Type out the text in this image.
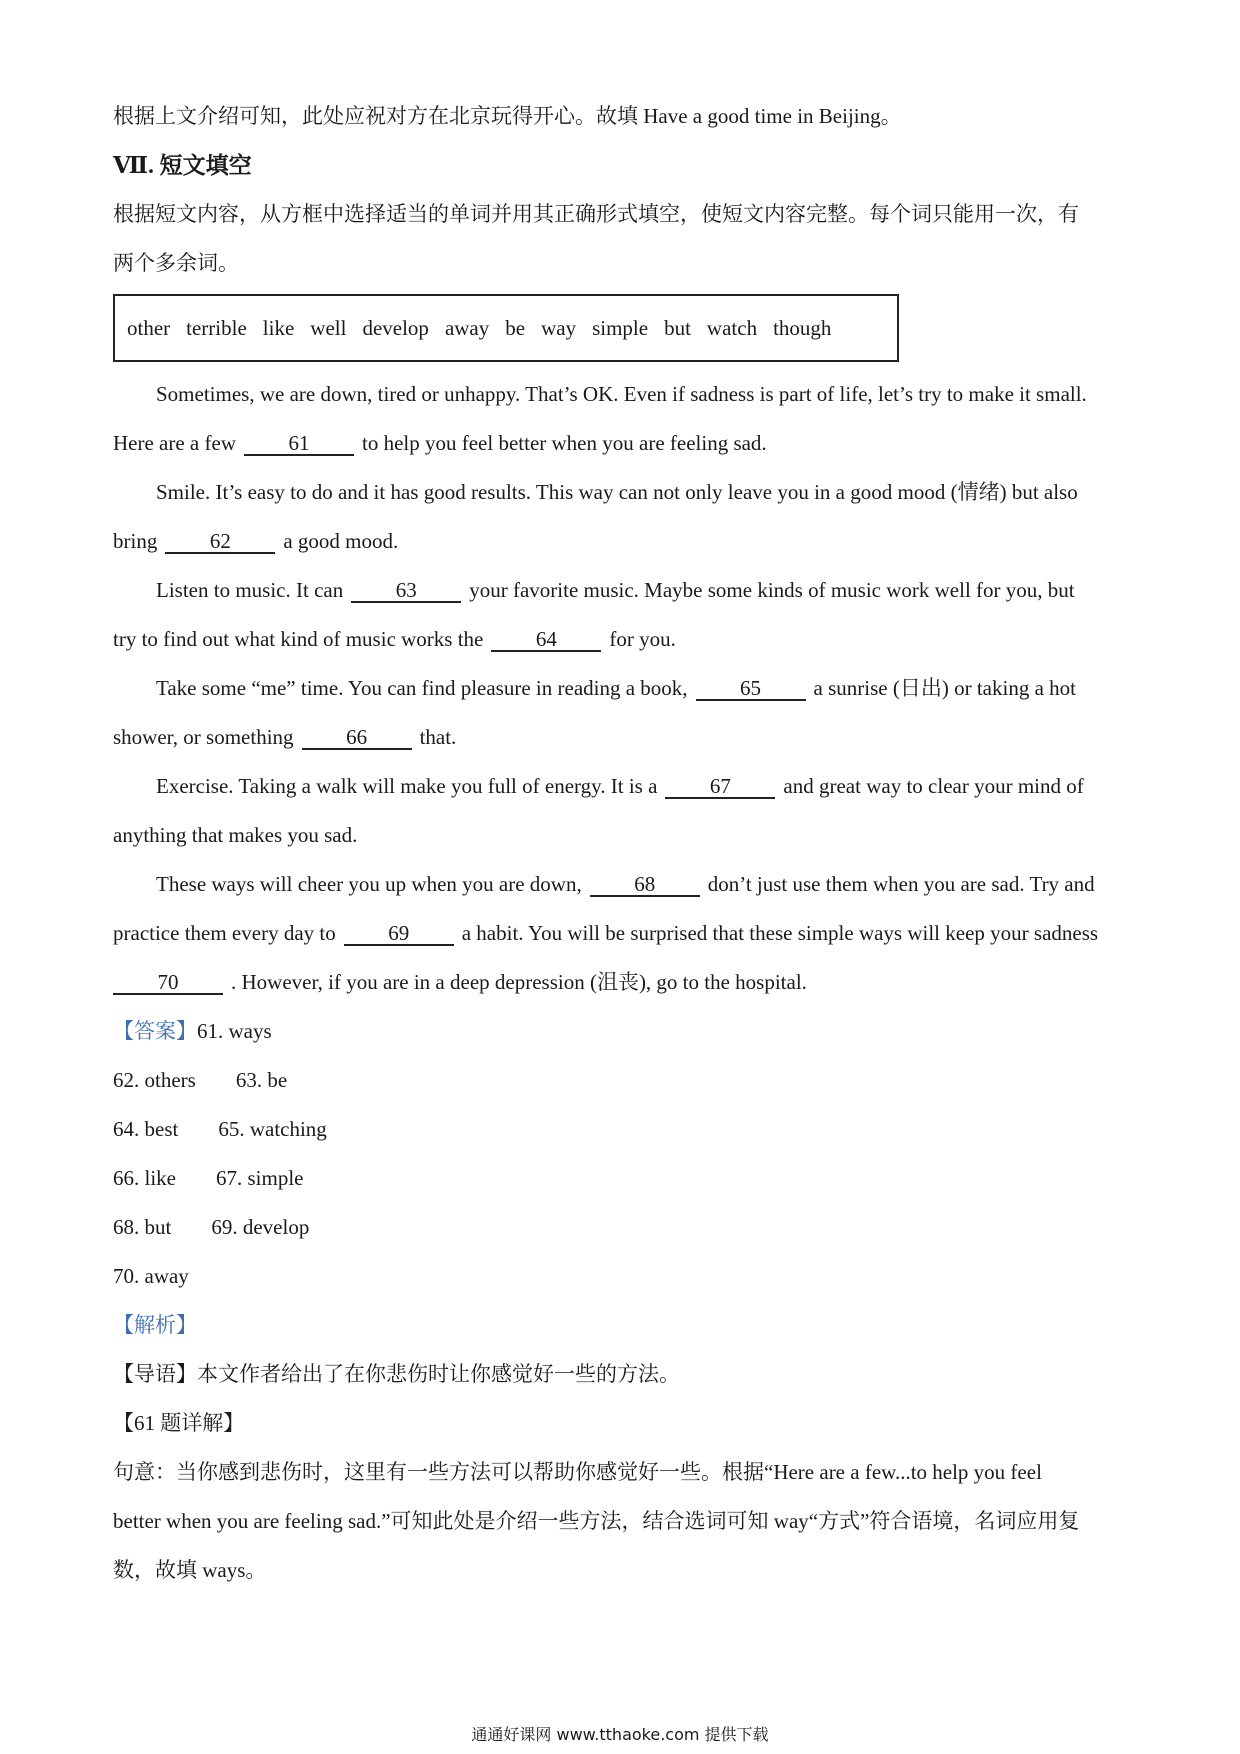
根据上文介绍可知，此处应祝对方在北京玩得开心。故填 Have a good time in Beijing。
Ⅶ. 短文填空
根据短文内容，从方框中选择适当的单词并用其正确形式填空，使短文内容完整。每个词只能用一次，有
两个多余词。
other terrible like well develop away be way simple but watch though
Sometimes, we are down, tired or unhappy. That’s OK. Even if sadness is part of life, let’s try to make it small.
Here are a few	61	to help you feel better when you are feeling sad.
Smile. It’s easy to do and it has good results. This way can not only leave you in a good mood (情绪) but also
bring	62	a good mood.
Listen to music. It can	63	your favorite music. Maybe some kinds of music work well for you, but
try to find out what kind of music works the	64	for you.
Take some “me” time. You can find pleasure in reading a book,	65	a sunrise (日出) or taking a hot
shower, or something	66	that.
Exercise. Taking a walk will make you full of energy. It is a	67	and great way to clear your mind of
anything that makes you sad.
These ways will cheer you up when you are down,	68	don’t just use them when you are sad. Try and
practice them every day to	69	a habit. You will be surprised that these simple ways will keep your sadness
70	. However, if you are in a deep depression (沮丧), go to the hospital.
【答案】61. ways
62. others 63. be
64. best 65. watching
66. like 67. simple
68. but 69. develop
70. away
【解析】
【导语】本文作者给出了在你悲伤时让你感觉好一些的方法。
【61 题详解】
句意：当你感到悲伤时，这里有一些方法可以帮助你感觉好一些。根据“Here are a few...to help you feel
better when you are feeling sad.”可知此处是介绍一些方法，结合选词可知 way“方式”符合语境，名词应用复
数，故填 ways。
通通好课网 www.tthaoke.com 提供下载
